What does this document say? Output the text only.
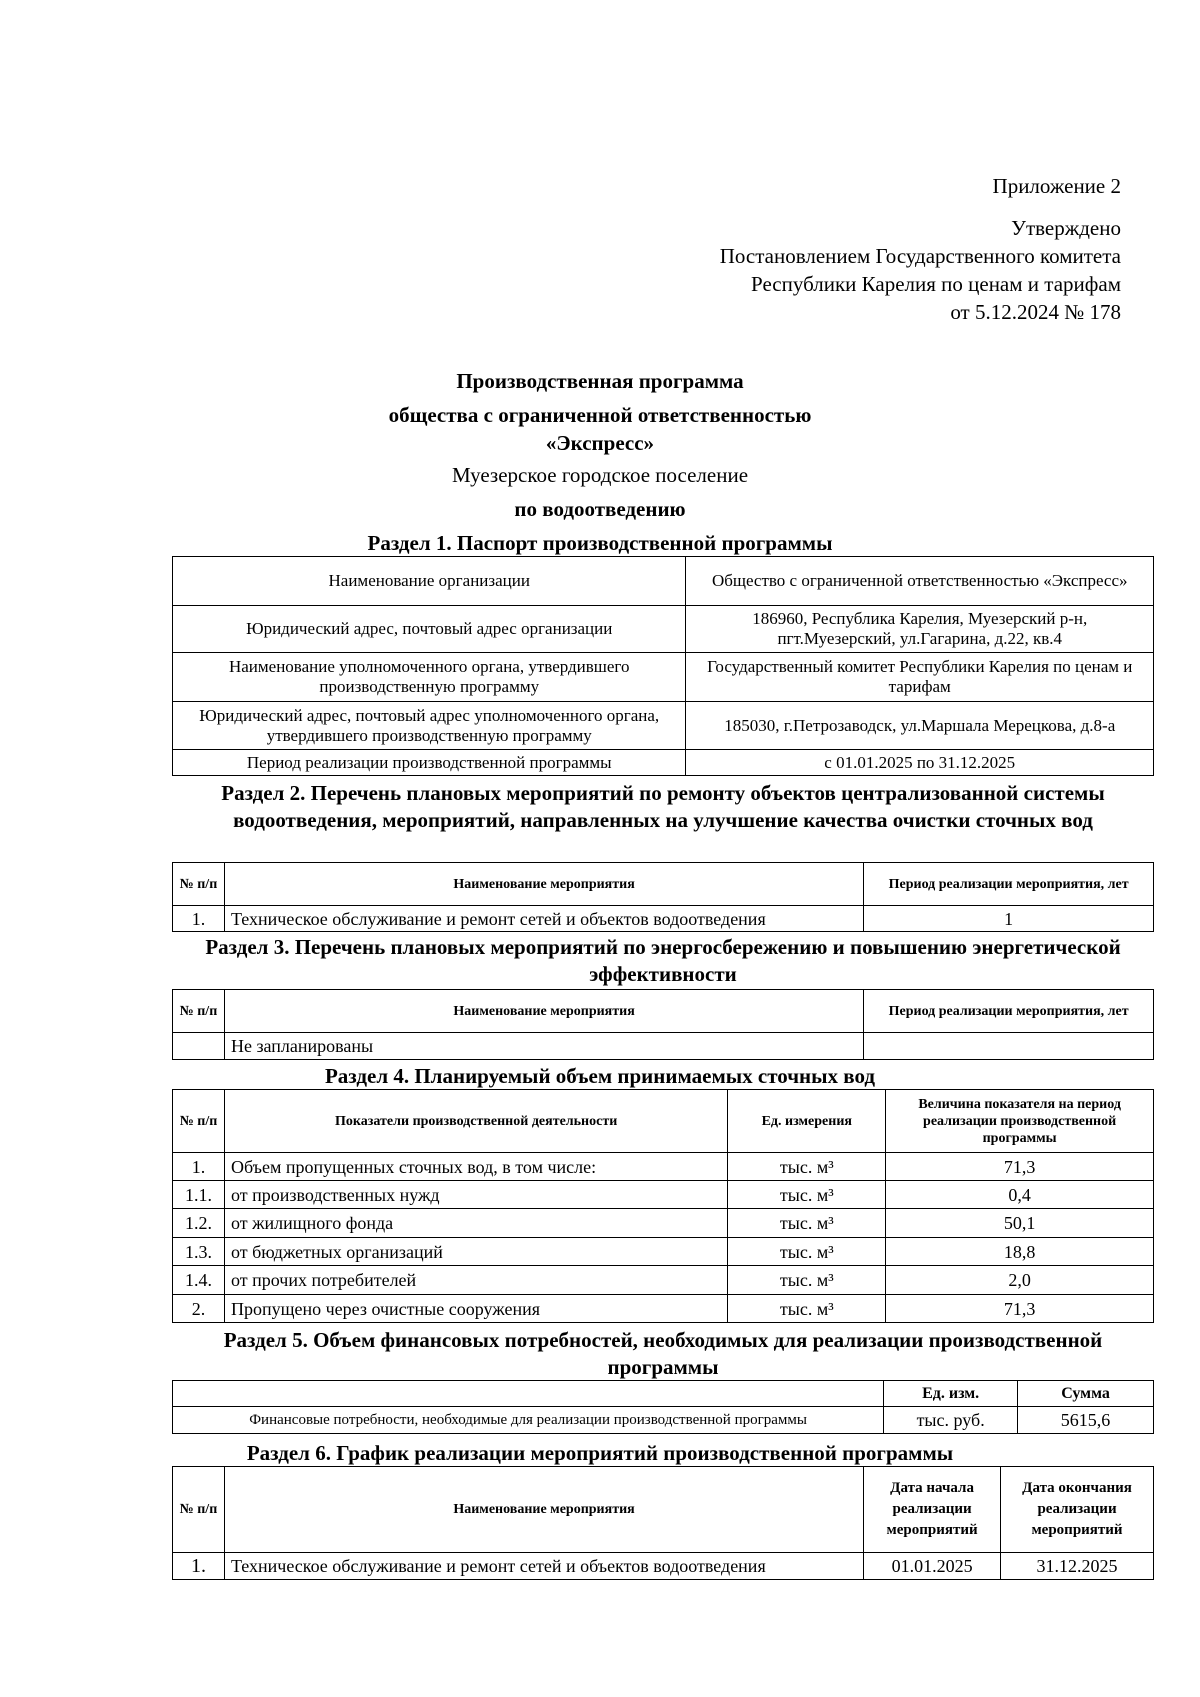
Приложение 2
Утверждено
Постановлением Государственного комитета
Республики Карелия по ценам и тарифам
от 5.12.2024 № 178
Производственная программа
общества с ограниченной ответственностью
«Экспресс»
Муезерское городское поселение
по водоотведению
Раздел 1. Паспорт производственной программы
Наименование организации	Общество с ограниченной ответственностью «Экспресс»
Юридический адрес, почтовый адрес организации	186960, Республика Карелия, Муезерский р-н, пгт.Муезерский, ул.Гагарина, д.22, кв.4
Наименование уполномоченного органа, утвердившего производственную программу	Государственный комитет Республики Карелия по ценам и тарифам
Юридический адрес, почтовый адрес уполномоченного органа, утвердившего производственную программу	185030, г.Петрозаводск, ул.Маршала Мерецкова, д.8-а
Период реализации производственной программы	с 01.01.2025 по 31.12.2025
Раздел 2. Перечень плановых мероприятий по ремонту объектов централизованной системы водоотведения, мероприятий, направленных на улучшение качества очистки сточных вод
№ п/п	Наименование мероприятия	Период реализации мероприятия, лет
1.	Техническое обслуживание и ремонт сетей и объектов водоотведения	1
Раздел 3. Перечень плановых мероприятий по энергосбережению и повышению энергетической эффективности
№ п/п	Наименование мероприятия	Период реализации мероприятия, лет
	Не запланированы	
Раздел 4. Планируемый объем принимаемых сточных вод
№ п/п	Показатели производственной деятельности	Ед. измерения	Величина показателя на период реализации производственной программы
1.	Объем пропущенных сточных вод, в том числе:	тыс. м³	71,3
1.1.	от производственных нужд	тыс. м³	0,4
1.2.	от жилищного фонда	тыс. м³	50,1
1.3.	от бюджетных организаций	тыс. м³	18,8
1.4.	от прочих потребителей	тыс. м³	2,0
2.	Пропущено через очистные сооружения	тыс. м³	71,3
Раздел 5. Объем финансовых потребностей, необходимых для реализации производственной программы
	Ед. изм.	Сумма
Финансовые потребности, необходимые для реализации производственной программы	тыс. руб.	5615,6
Раздел 6. График реализации мероприятий производственной программы
№ п/п	Наименование мероприятия	Дата начала реализации мероприятий	Дата окончания реализации мероприятий
1.	Техническое обслуживание и ремонт сетей и объектов водоотведения	01.01.2025	31.12.2025
